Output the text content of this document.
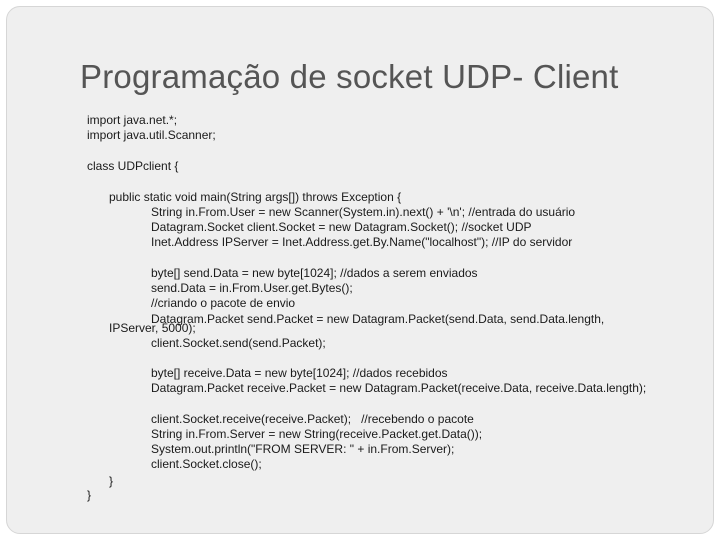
Programação de socket UDP- Client
import java.net.*;
import java.util.Scanner;
class UDPclient {
public static void main(String args[]) throws Exception {
String in.From.User = new Scanner(System.in).next() + '\n'; //entrada do usuário
Datagram.Socket client.Socket = new Datagram.Socket(); //socket UDP
Inet.Address IPServer = Inet.Address.get.By.Name("localhost"); //IP do servidor
byte[] send.Data = new byte[1024]; //dados a serem enviados
send.Data = in.From.User.get.Bytes();
//criando o pacote de envio
Datagram.Packet send.Packet = new Datagram.Packet(send.Data, send.Data.length,
IPServer, 5000);
client.Socket.send(send.Packet);
byte[] receive.Data = new byte[1024]; //dados recebidos
Datagram.Packet receive.Packet = new Datagram.Packet(receive.Data, receive.Data.length);
client.Socket.receive(receive.Packet);   //recebendo o pacote
String in.From.Server = new String(receive.Packet.get.Data());
System.out.println("FROM SERVER: " + in.From.Server);
client.Socket.close();
}
}
